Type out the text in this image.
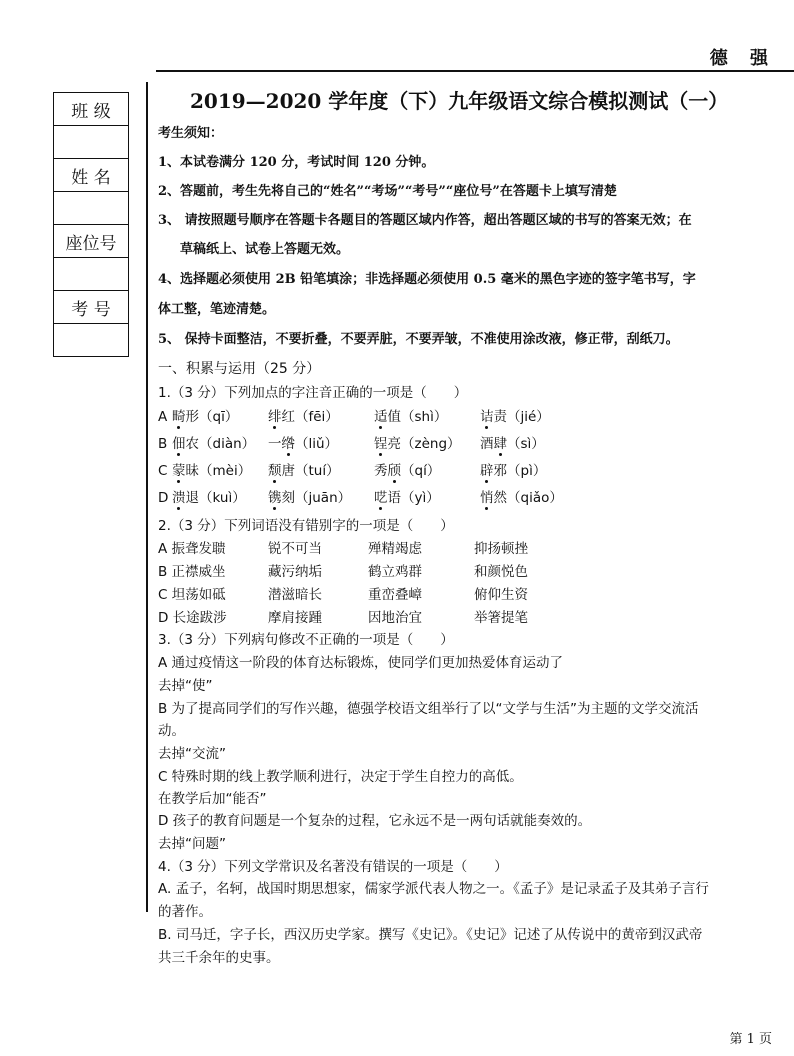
德 强
班 级

姓 名

座位号

考 号

2019—2020 学年度（下）九年级语文综合模拟测试（一）
考生须知：
1、本试卷满分 120 分，考试时间 120 分钟。
2、答题前，考生先将自己的“姓名”“考场”“考号”“座位号”在答题卡上填写清楚
3、 请按照题号顺序在答题卡各题目的答题区域内作答，超出答题区域的书写的答案无效；在
草稿纸上、试卷上答题无效。
4、选择题必须使用 2B 铅笔填涂；非选择题必须使用 0.5 毫米的黑色字迹的签字笔书写，字
体工整，笔迹清楚。
5、 保持卡面整洁，不要折叠，不要弄脏，不要弄皱，不准使用涂改液，修正带，刮纸刀。
一、积累与运用（25 分）
1.（3 分）下列加点的字注音正确的一项是（　　）
A 畸形（qī） 绯红（fēi）	适值（shì） 诘责（jié）
B 佃农（diàn） 一绺（liǔ）	锃亮（zèng） 酒肆（sì）
C 蒙昧（mèi） 颓唐（tuí）	秀颀（qí）	辟邪（pì）
D 溃退（kuì） 镌刻（juān） 呓语（yì）	悄然（qiǎo）
2.（3 分）下列词语没有错别字的一项是（　　）
A 振聋发聩	锐不可当	殚精竭虑	抑扬顿挫
B 正襟威坐	藏污纳垢	鹤立鸡群	和颜悦色
C 坦荡如砥	潜滋暗长	重峦叠嶂	俯仰生资
D 长途跋涉	摩肩接踵	因地治宜	举箸提笔
3.（3 分）下列病句修改不正确的一项是（　　）
A 通过疫情这一阶段的体育达标锻炼，使同学们更加热爱体育运动了
去掉“使”
B 为了提高同学们的写作兴趣，德强学校语文组举行了以“文学与生活”为主题的文学交流活
动。
去掉“交流”
C 特殊时期的线上教学顺利进行，决定于学生自控力的高低。
在教学后加“能否”
D 孩子的教育问题是一个复杂的过程，它永远不是一两句话就能奏效的。
去掉“问题”
4.（3 分）下列文学常识及名著没有错误的一项是（　　）
A. 孟子，名轲，战国时期思想家，儒家学派代表人物之一。《孟子》是记录孟子及其弟子言行
的著作。
B. 司马迁，字子长，西汉历史学家。撰写《史记》。《史记》记述了从传说中的黄帝到汉武帝
共三千余年的史事。
第 1 页
